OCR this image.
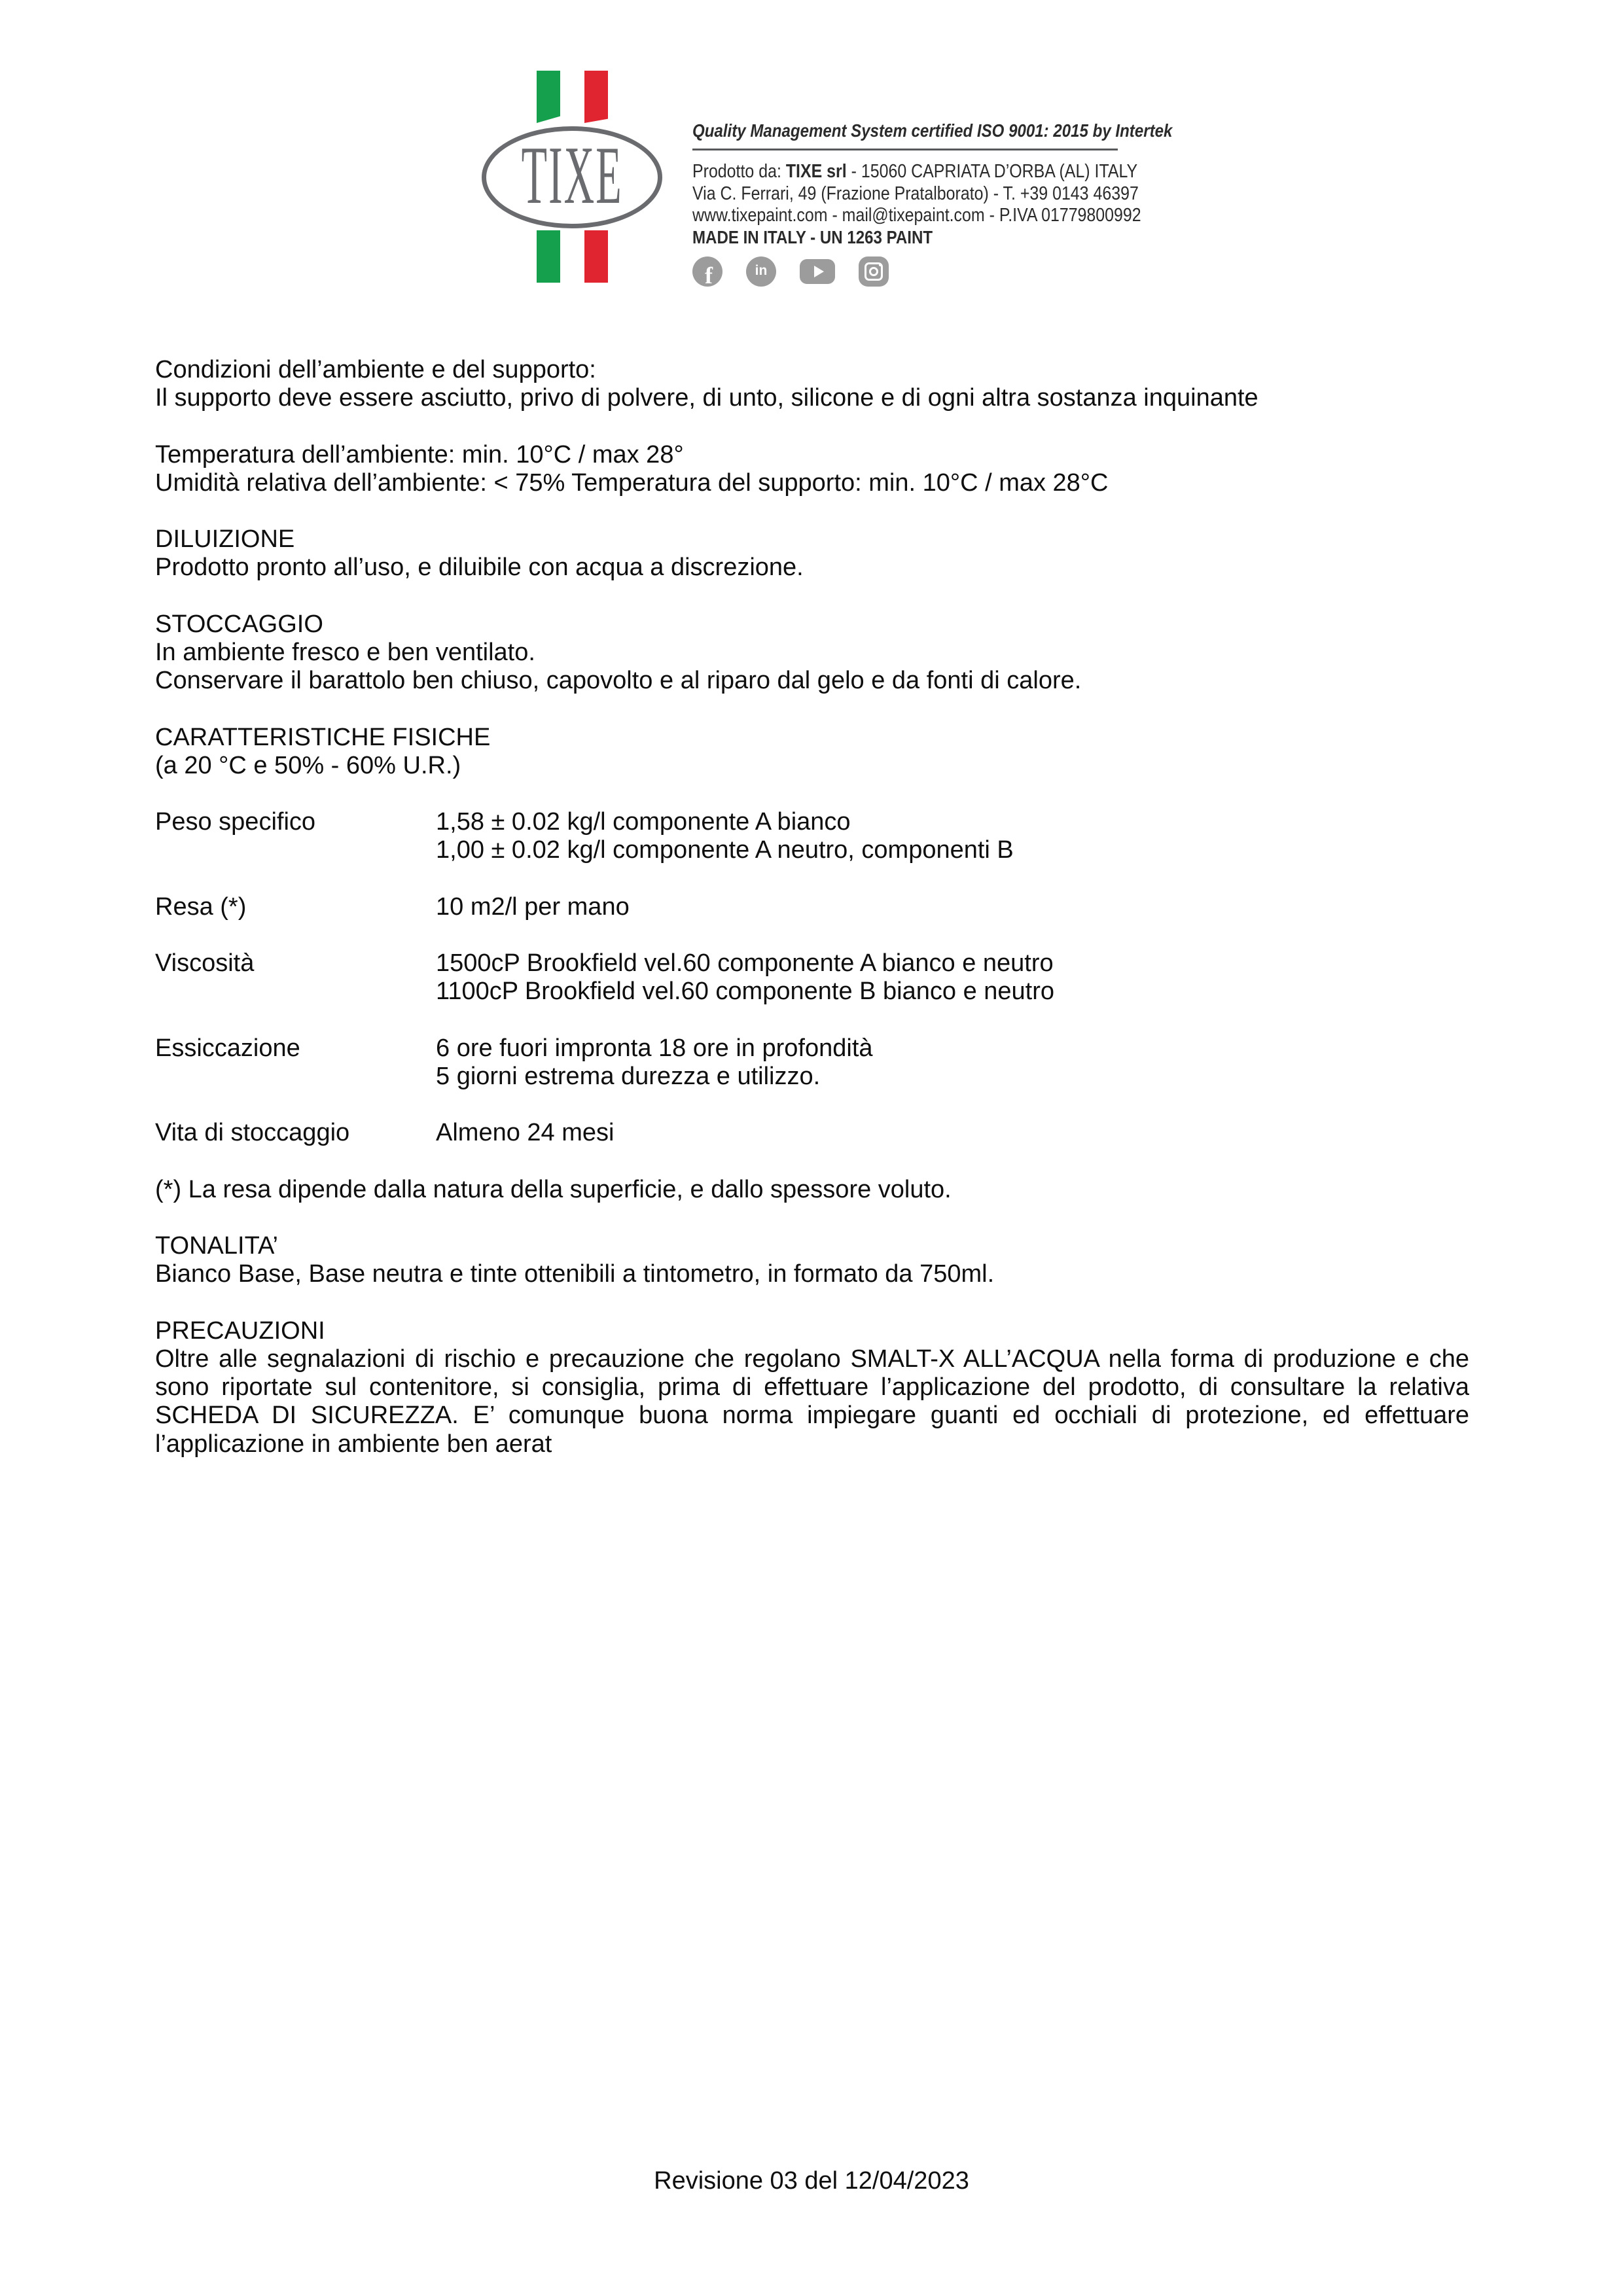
TIXE	Quality Management System certified ISO 9001: 2015 by Intertek
Prodotto da: TIXE srl - 15060 CAPRIATA D’ORBA (AL) ITALY
Via C. Ferrari, 49 (Frazione Pratalborato) - T. +39 0143 46397
www.tixepaint.com - mail@tixepaint.com - P.IVA 01779800992
MADE IN ITALY - UN 1263 PAINT
f	in
Condizioni dell’ambiente e del supporto:
Il supporto deve essere asciutto, privo di polvere, di unto, silicone e di ogni altra sostanza inquinante
Temperatura dell’ambiente: min. 10°C / max 28°
Umidità relativa dell’ambiente: < 75% Temperatura del supporto: min. 10°C / max 28°C
DILUIZIONE
Prodotto pronto all’uso, e diluibile con acqua a discrezione.
STOCCAGGIO
In ambiente fresco e ben ventilato.
Conservare il barattolo ben chiuso, capovolto e al riparo dal gelo e da fonti di calore.
CARATTERISTICHE FISICHE
(a 20 °C e 50% - 60% U.R.)
Peso specifico	1,58 ± 0.02 kg/l componente A bianco
1,00 ± 0.02 kg/l componente A neutro, componenti B
Resa (*)	10 m2/l per mano
Viscosità	1500cP Brookfield vel.60 componente A bianco e neutro
1100cP Brookfield vel.60 componente B bianco e neutro
Essiccazione	6 ore fuori impronta 18 ore in profondità
5 giorni estrema durezza e utilizzo.
Vita di stoccaggio	Almeno 24 mesi
(*) La resa dipende dalla natura della superficie, e dallo spessore voluto.
TONALITA’
Bianco Base, Base neutra e tinte ottenibili a tintometro, in formato da 750ml.
PRECAUZIONI
Oltre alle segnalazioni di rischio e precauzione che regolano SMALT-X ALL’ACQUA nella forma di produzione e che sono riportate sul contenitore, si consiglia, prima di effettuare l’applicazione del prodotto, di consultare la relativa SCHEDA DI SICUREZZA. E’ comunque buona norma impiegare guanti ed occhiali di protezione, ed effettuare l’applicazione in ambiente ben aerat
Revisione 03 del 12/04/2023
